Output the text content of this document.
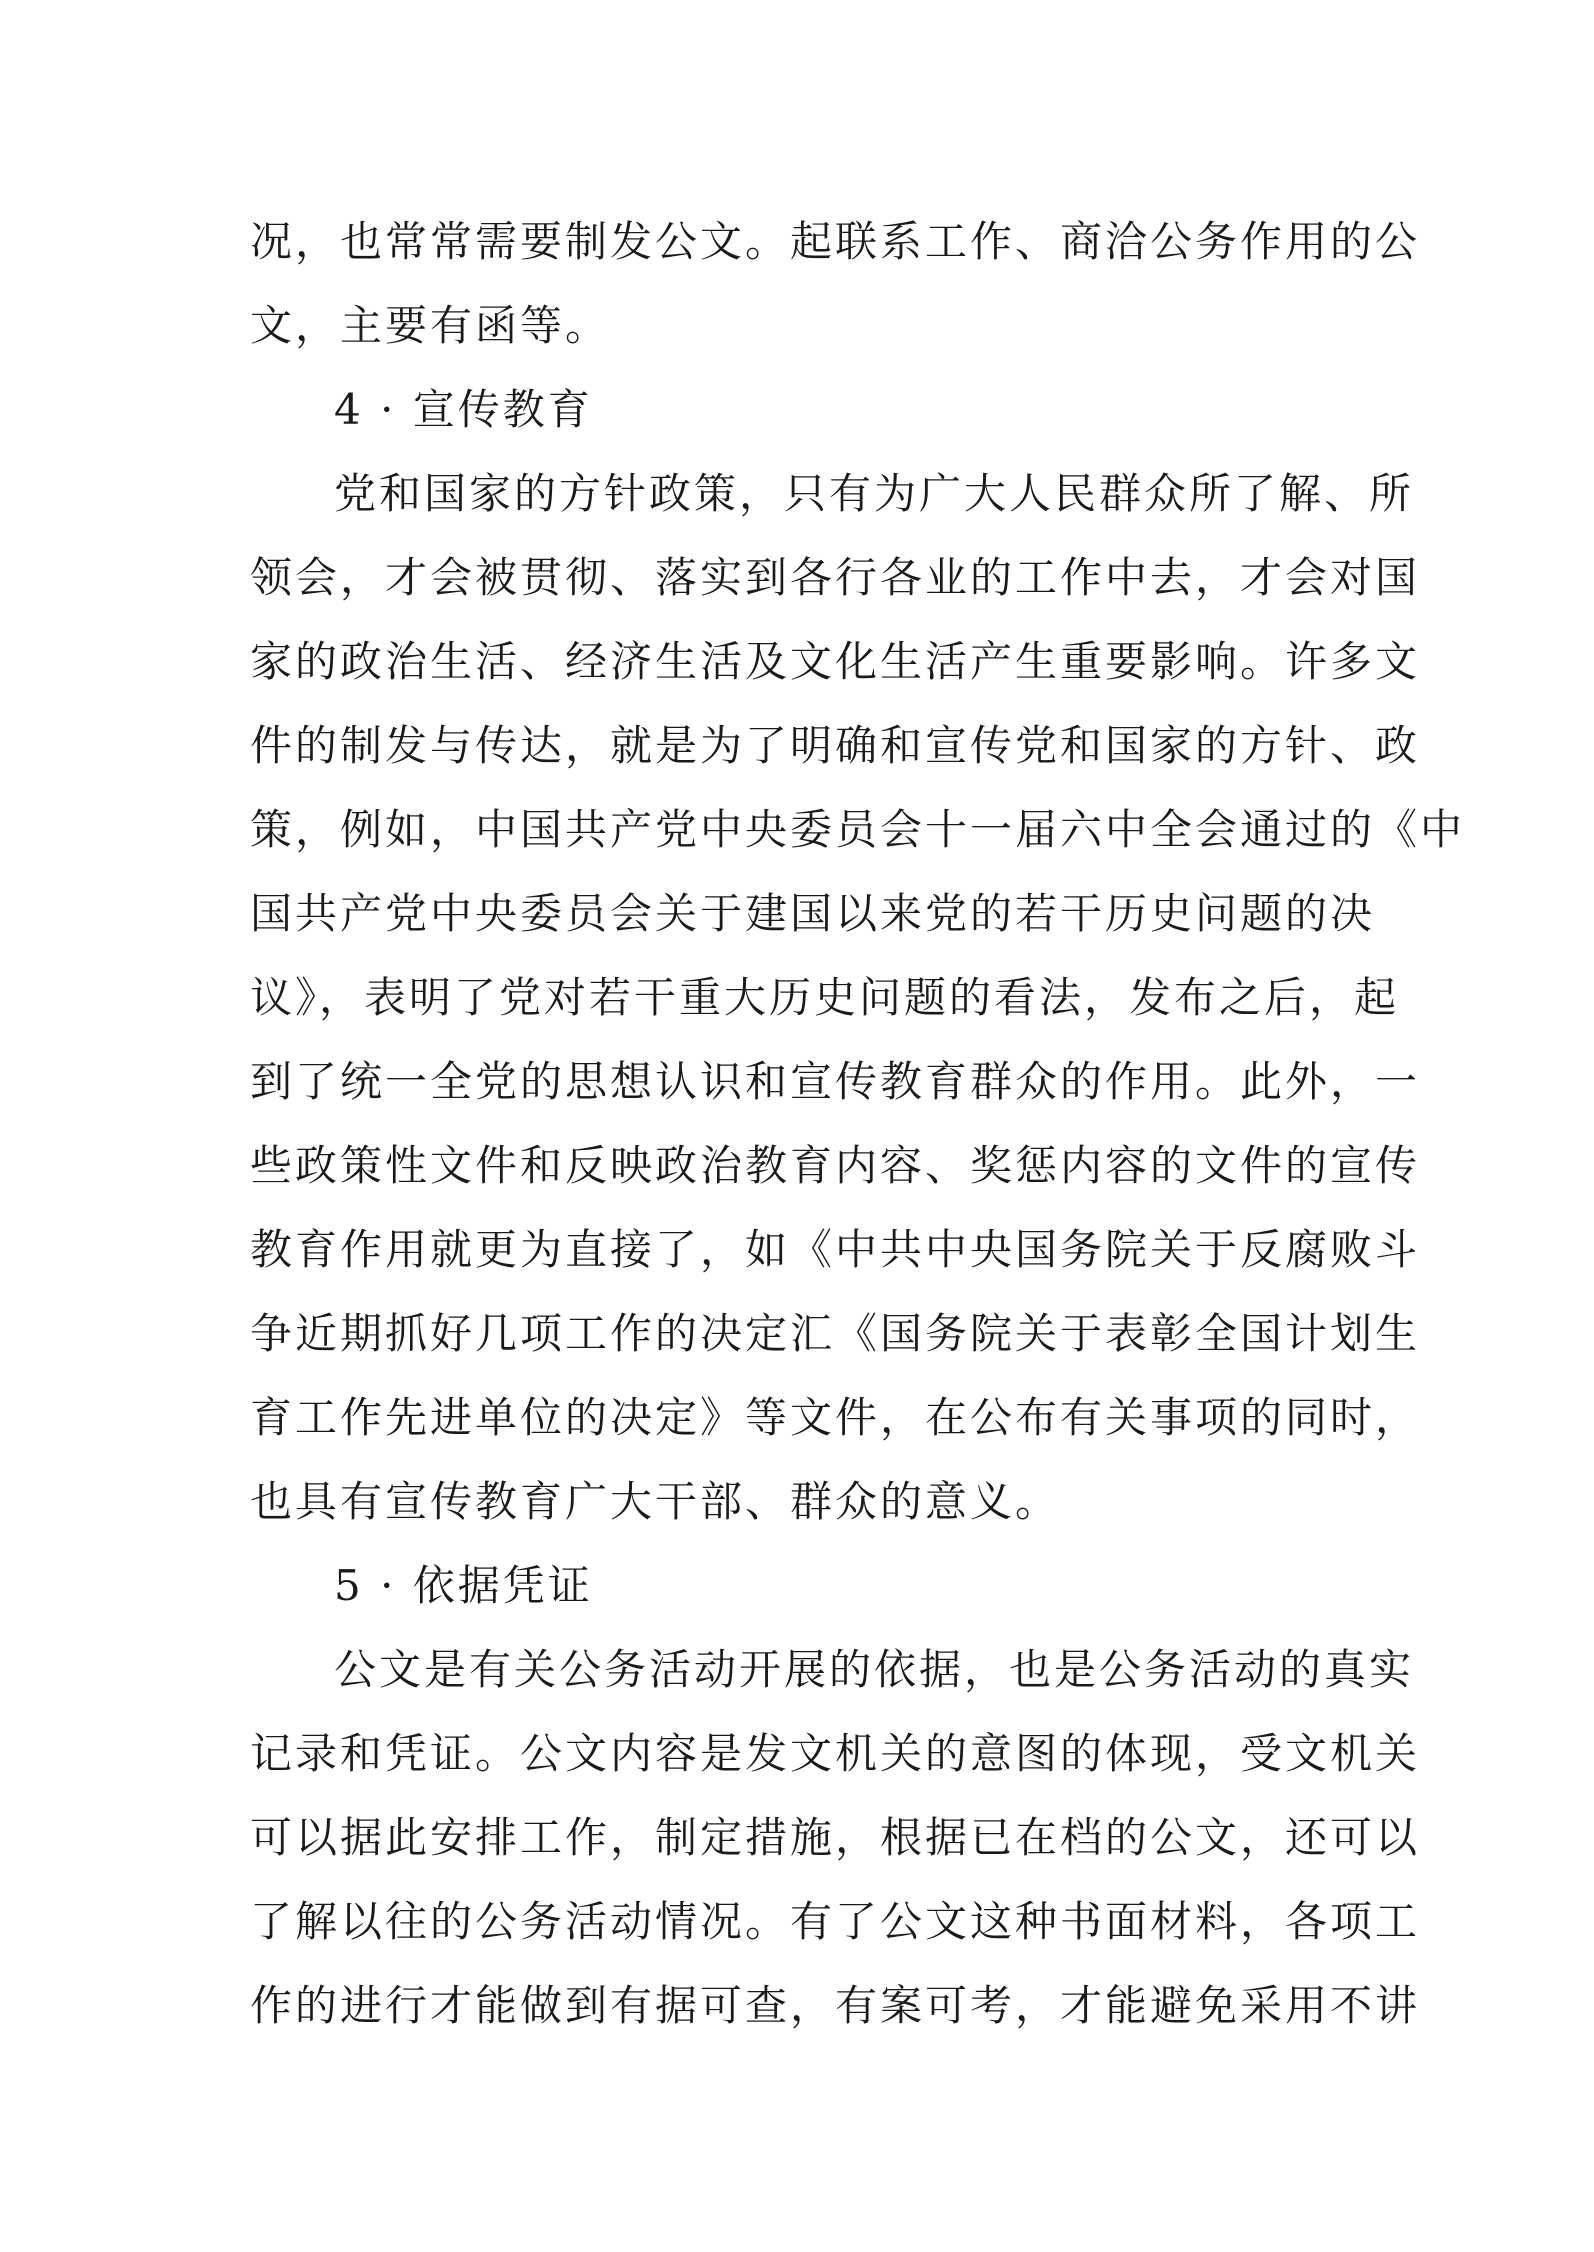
况，也常常需要制发公文。起联系工作、商洽公务作用的公
文，主要有函等。
4 · 宣传教育
党和国家的方针政策，只有为广大人民群众所了解、所
领会，才会被贯彻、落实到各行各业的工作中去，才会对国
家的政治生活、经济生活及文化生活产生重要影响。许多文
件的制发与传达，就是为了明确和宣传党和国家的方针、政
策，例如，中国共产党中央委员会十一届六中全会通过的《中
国共产党中央委员会关于建国以来党的若干历史问题的决
议》，表明了党对若干重大历史问题的看法，发布之后，起
到了统一全党的思想认识和宣传教育群众的作用。此外，一
些政策性文件和反映政治教育内容、奖惩内容的文件的宣传
教育作用就更为直接了，如《中共中央国务院关于反腐败斗
争近期抓好几项工作的决定汇《国务院关于表彰全国计划生
育工作先进单位的决定》等文件，在公布有关事项的同时，
也具有宣传教育广大干部、群众的意义。
5 · 依据凭证
公文是有关公务活动开展的依据，也是公务活动的真实
记录和凭证。公文内容是发文机关的意图的体现，受文机关
可以据此安排工作，制定措施，根据已在档的公文，还可以
了解以往的公务活动情况。有了公文这种书面材料，各项工
作的进行才能做到有据可查，有案可考，才能避免采用不讲
